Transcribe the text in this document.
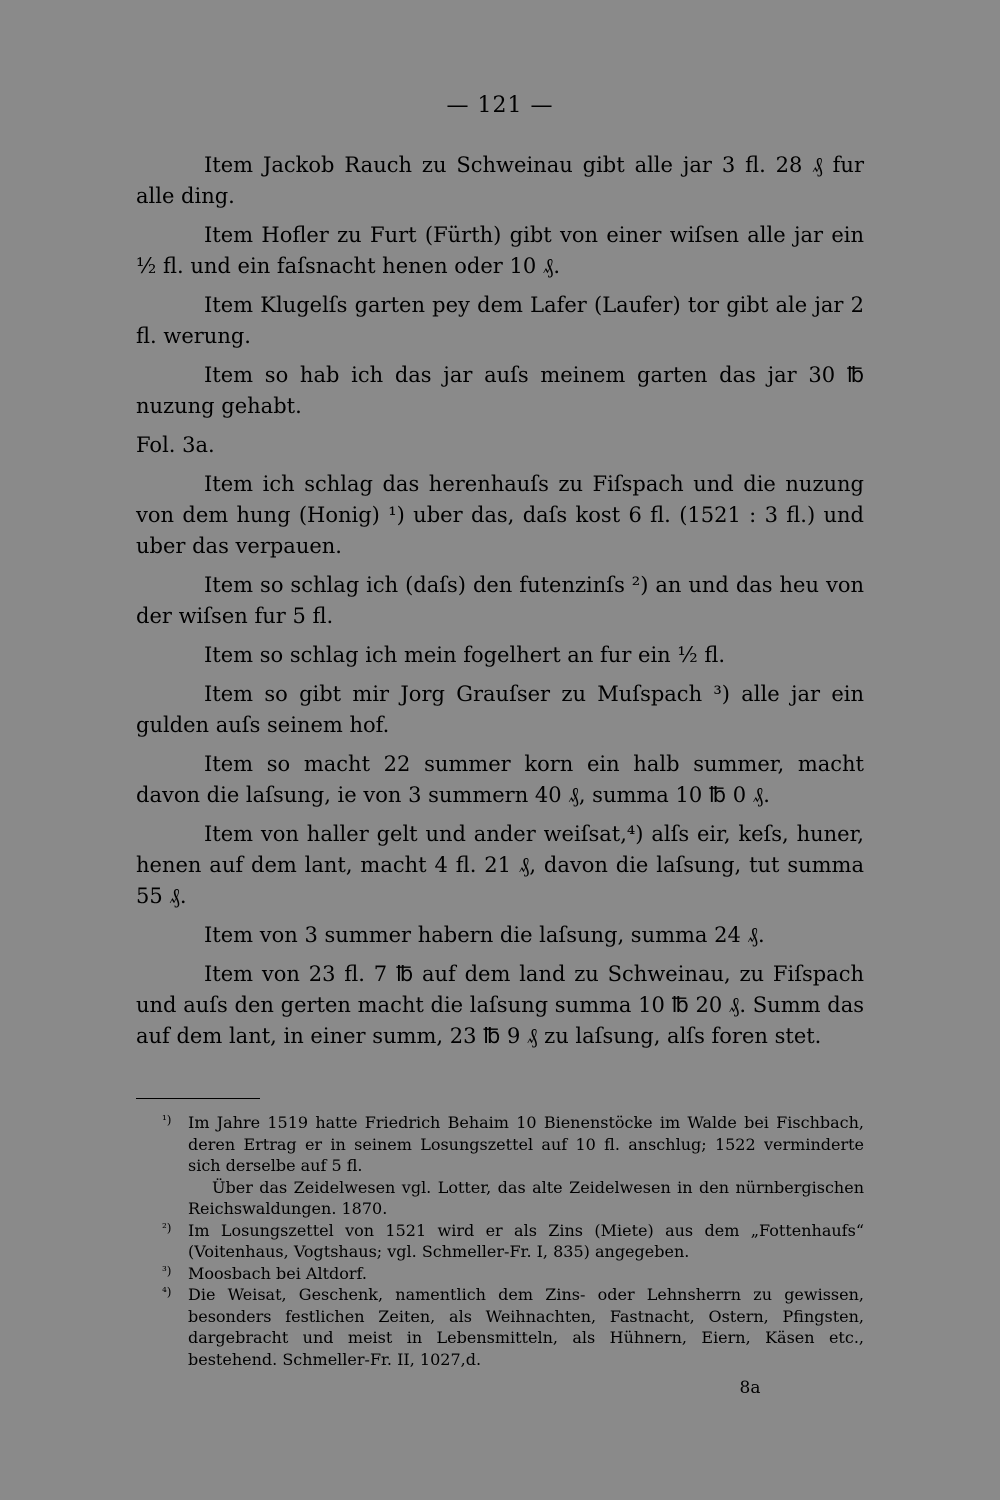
— 121 —

Item Jackob Rauch zu Schweinau gibt alle jar 3 fl. 28 ₰ fur alle ding.

Item Hofler zu Furt (Fürth) gibt von einer wiſsen alle jar ein ½ fl. und ein faſsnacht henen oder 10 ₰.

Item Klugelſs garten pey dem Lafer (Laufer) tor gibt ale jar 2 fl. werung.

Item so hab ich das jar auſs meinem garten das jar 30 ℔ nuzung gehabt.

Fol. 3a.

Item ich schlag das herenhauſs zu Fiſspach und die nuzung von dem hung (Honig) ¹) uber das, daſs kost 6 fl. (1521 : 3 fl.) und uber das verpauen.

Item so schlag ich (daſs) den futenzinſs ²) an und das heu von der wiſsen fur 5 fl.

Item so schlag ich mein fogelhert an fur ein ½ fl.

Item so gibt mir Jorg Grauſser zu Muſspach ³) alle jar ein gulden auſs seinem hof.

Item so macht 22 summer korn ein halb summer, macht davon die laſsung, ie von 3 summern 40 ₰, summa 10 ℔ 0 ₰.

Item von haller gelt und ander weiſsat,⁴) alſs eir, keſs, huner, henen auf dem lant, macht 4 fl. 21 ₰, davon die laſsung, tut summa 55 ₰.

Item von 3 summer habern die laſsung, summa 24 ₰.

Item von 23 fl. 7 ℔ auf dem land zu Schweinau, zu Fiſspach und auſs den gerten macht die laſsung summa 10 ℔ 20 ₰. Summ das auf dem lant, in einer summ, 23 ℔ 9 ₰ zu laſsung, alſs foren stet.

¹) Im Jahre 1519 hatte Friedrich Behaim 10 Bienenstöcke im Walde bei Fischbach, deren Ertrag er in seinem Losungszettel auf 10 fl. anschlug; 1522 verminderte sich derselbe auf 5 fl.
Über das Zeidelwesen vgl. Lotter, das alte Zeidelwesen in den nürnbergischen Reichswaldungen. 1870.
²) Im Losungszettel von 1521 wird er als Zins (Miete) aus dem „Fottenhaufs“ (Voitenhaus, Vogtshaus; vgl. Schmeller-Fr. I, 835) angegeben.
³) Moosbach bei Altdorf.
⁴) Die Weisat, Geschenk, namentlich dem Zins- oder Lehnsherrn zu gewissen, besonders festlichen Zeiten, als Weihnachten, Fastnacht, Ostern, Pfingsten, dargebracht und meist in Lebensmitteln, als Hühnern, Eiern, Käsen etc., bestehend. Schmeller-Fr. II, 1027,d.
8a
